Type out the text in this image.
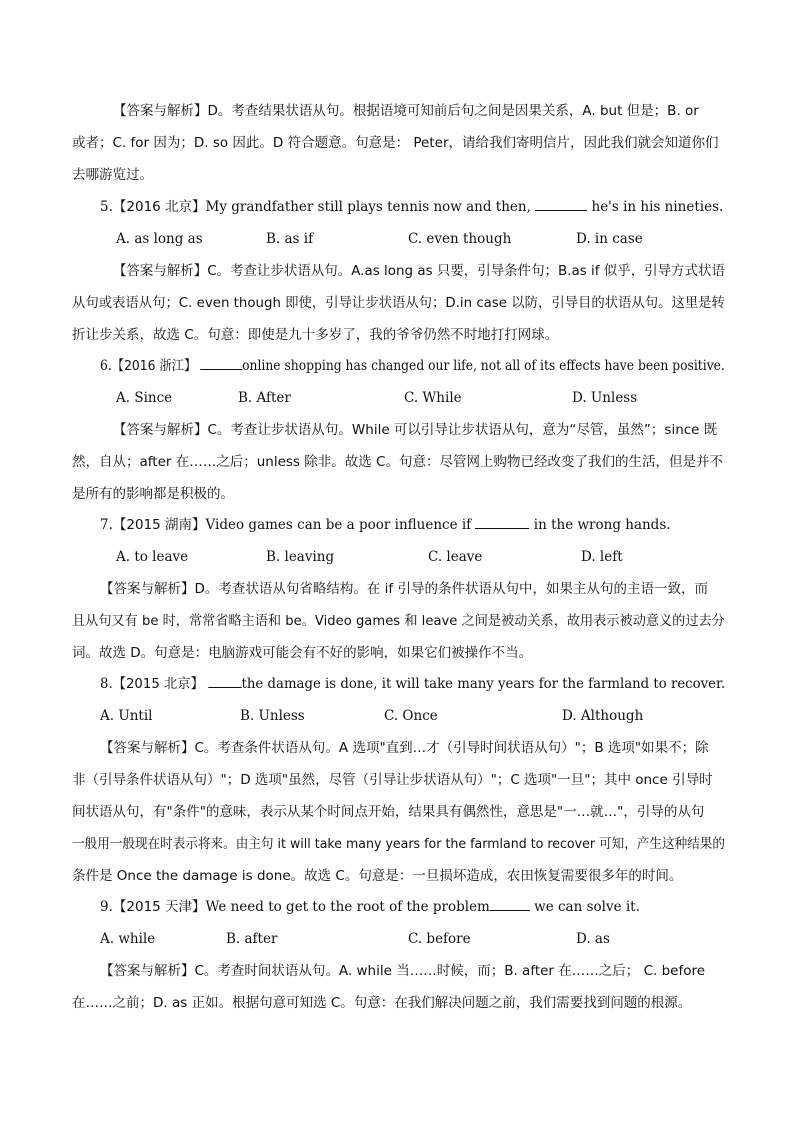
【答案与解析】D。考查结果状语从句。根据语境可知前后句之间是因果关系，A. but 但是；B. or
或者；C. for 因为；D. so 因此。D 符合题意。句意是： Peter，请给我们寄明信片，因此我们就会知道你们
去哪游览过。
5.【2016 北京】My grandfather still plays tennis now and then,	he's in his nineties.
A. as long as	B. as if	C. even though	D. in case
【答案与解析】C。考查让步状语从句。A.as long as 只要，引导条件句；B.as if 似乎，引导方式状语
从句或表语从句；C. even though 即使，引导让步状语从句；D.in case 以防，引导目的状语从句。这里是转
折让步关系，故选 C。句意：即使是九十多岁了，我的爷爷仍然不时地打打网球。
6.【2016 浙江】	online shopping has changed our life, not all of its effects have been positive.
A. Since	B. After	C. While	D. Unless
【答案与解析】C。考查让步状语从句。While 可以引导让步状语从句，意为“尽管，虽然”；since 既
然，自从；after 在……之后；unless 除非。故选 C。句意：尽管网上购物已经改变了我们的生活，但是并不
是所有的影响都是积极的。
7.【2015 湖南】Video games can be a poor influence if	in the wrong hands.
A. to leave	B. leaving	C. leave	D. left
【答案与解析】D。考查状语从句省略结构。在 if 引导的条件状语从句中，如果主从句的主语一致，而
且从句又有 be 时，常常省略主语和 be。Video games 和 leave 之间是被动关系，故用表示被动意义的过去分
词。故选 D。句意是：电脑游戏可能会有不好的影响，如果它们被操作不当。
8.【2015 北京】	the damage is done, it will take many years for the farmland to recover.
A. Until	B. Unless	C. Once	D. Although
【答案与解析】C。考查条件状语从句。A 选项"直到…才（引导时间状语从句）"；B 选项"如果不；除
非（引导条件状语从句）"；D 选项"虽然，尽管（引导让步状语从句）"；C 选项"一旦"；其中 once 引导时
间状语从句，有"条件"的意味，表示从某个时间点开始，结果具有偶然性，意思是"一…就…"，引导的从句
一般用一般现在时表示将来。由主句 it will take many years for the farmland to recover 可知，产生这种结果的
条件是 Once the damage is done。故选 C。句意是：一旦损坏造成，农田恢复需要很多年的时间。
9.【2015 天津】We need to get to the root of the problem	we can solve it.
A. while	B. after	C. before	D. as
【答案与解析】C。考查时间状语从句。A. while 当……时候，而；B. after 在……之后； C. before
在……之前；D. as 正如。根据句意可知选 C。句意：在我们解决问题之前，我们需要找到问题的根源。
